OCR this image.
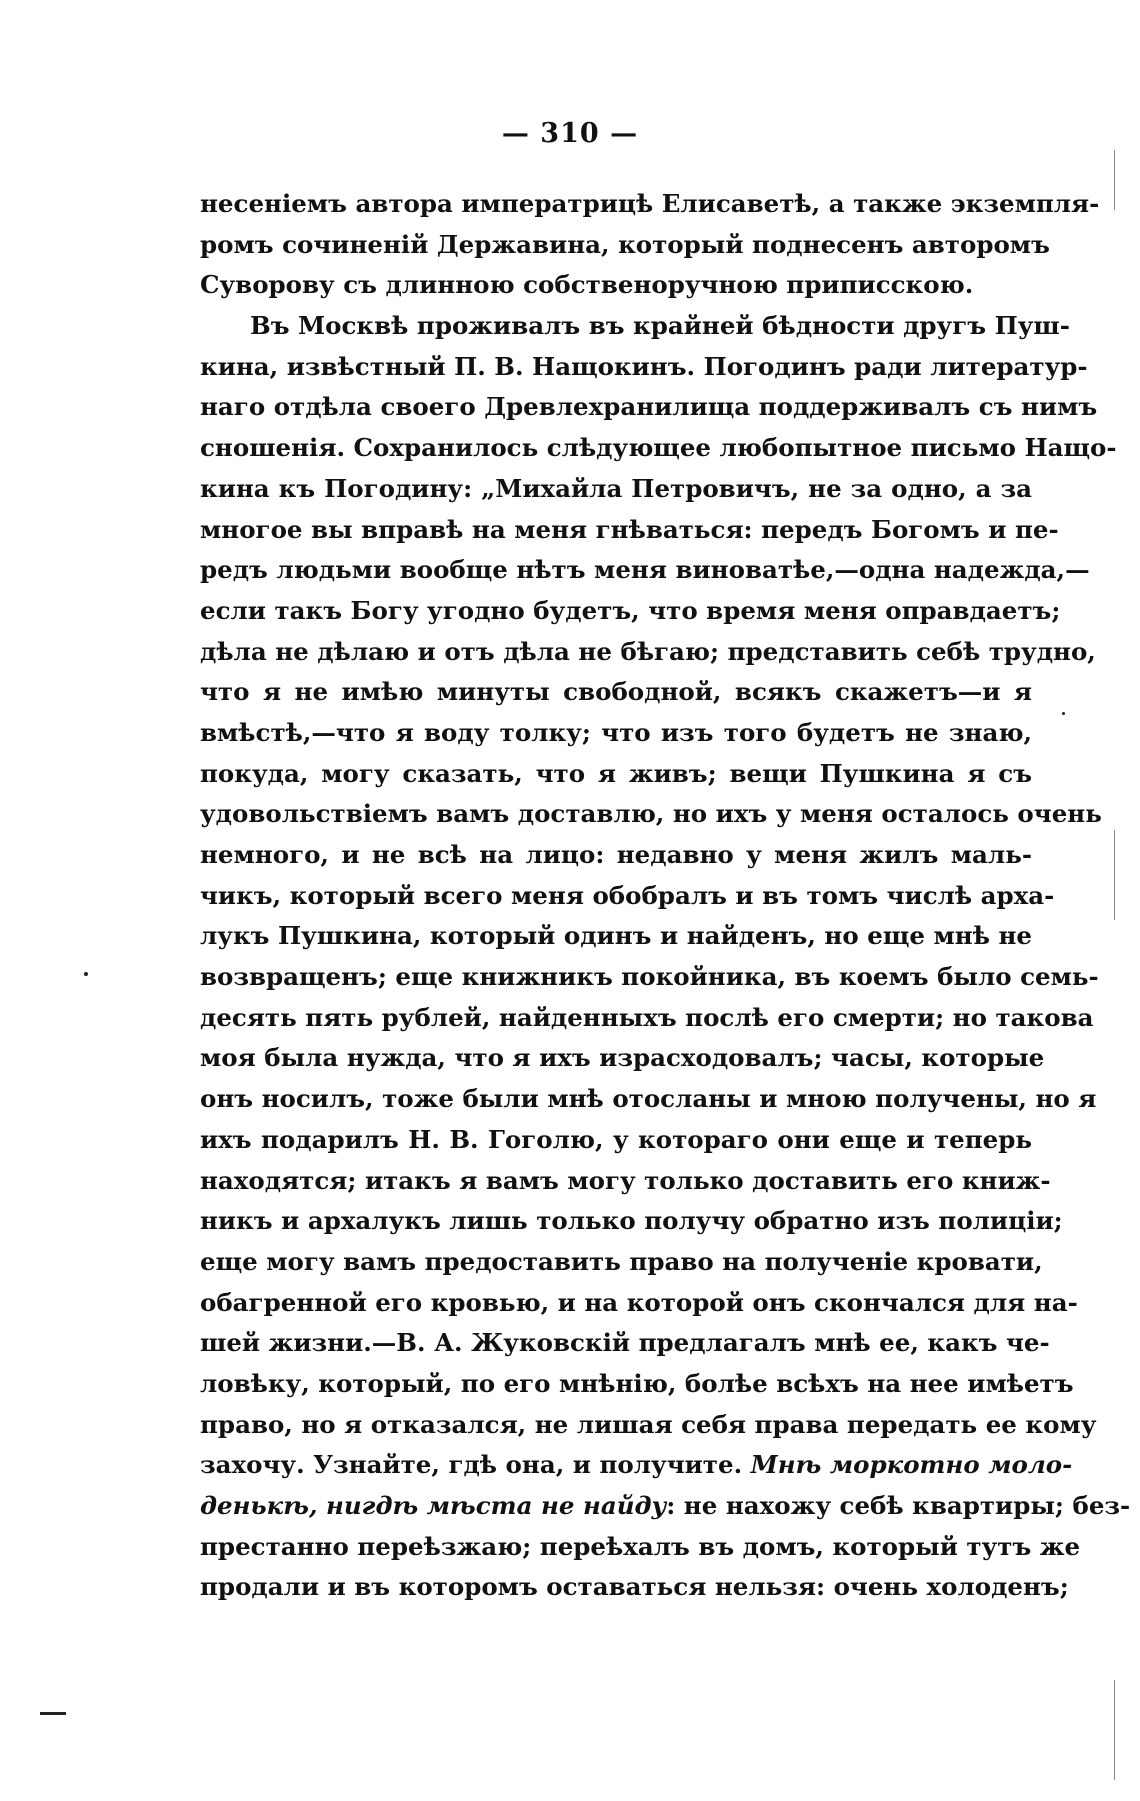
— 310 —
несеніемъ автора императрицѣ Елисаветѣ, а также экземпля-
ромъ сочиненій Державина, который поднесенъ авторомъ
Суворову съ длинною собственоручною приписскою.
Въ Москвѣ проживалъ въ крайней бѣдности другъ Пуш-
кина, извѣстный П. В. Нащокинъ. Погодинъ ради литератур-
наго отдѣла своего Древлехранилища поддерживалъ съ нимъ
сношенія. Сохранилось слѣдующее любопытное письмо Нащо-
кина къ Погодину: „Михайла Петровичъ, не за одно, а за
многое вы вправѣ на меня гнѣваться: передъ Богомъ и пе-
редъ людьми вообще нѣтъ меня виноватѣе,—одна надежда,—
если такъ Богу угодно будетъ, что время меня оправдаетъ;
дѣла не дѣлаю и отъ дѣла не бѣгаю; представить себѣ трудно,
что я не имѣю минуты свободной, всякъ скажетъ—и я
вмѣстѣ,—что я воду толку; что изъ того будетъ не знаю,
покуда, могу сказать, что я живъ; вещи Пушкина я съ
удовольствіемъ вамъ доставлю, но ихъ у меня осталось очень
немного, и не всѣ на лицо: недавно у меня жилъ маль-
чикъ, который всего меня обобралъ и въ томъ числѣ арха-
лукъ Пушкина, который одинъ и найденъ, но еще мнѣ не
возвращенъ; еще книжникъ покойника, въ коемъ было семь-
десять пять рублей, найденныхъ послѣ его смерти; но такова
моя была нужда, что я ихъ израсходовалъ; часы, которые
онъ носилъ, тоже были мнѣ отосланы и мною получены, но я
ихъ подарилъ Н. В. Гоголю, у котораго они еще и теперь
находятся; итакъ я вамъ могу только доставить его книж-
никъ и архалукъ лишь только получу обратно изъ полиціи;
еще могу вамъ предоставить право на полученіе кровати,
обагренной его кровью, и на которой онъ скончался для на-
шей жизни.—В. А. Жуковскій предлагалъ мнѣ ее, какъ че-
ловѣку, который, по его мнѣнію, болѣе всѣхъ на нее имѣетъ
право, но я отказался, не лишая себя права передать ее кому
захочу. Узнайте, гдѣ она, и получите. Мнѣ моркотно моло-
денькѣ, нигдѣ мѣста не найду: не нахожу себѣ квартиры; без-
престанно переѣзжаю; переѣхалъ въ домъ, который тутъ же
продали и въ которомъ оставаться нельзя: очень холоденъ;
